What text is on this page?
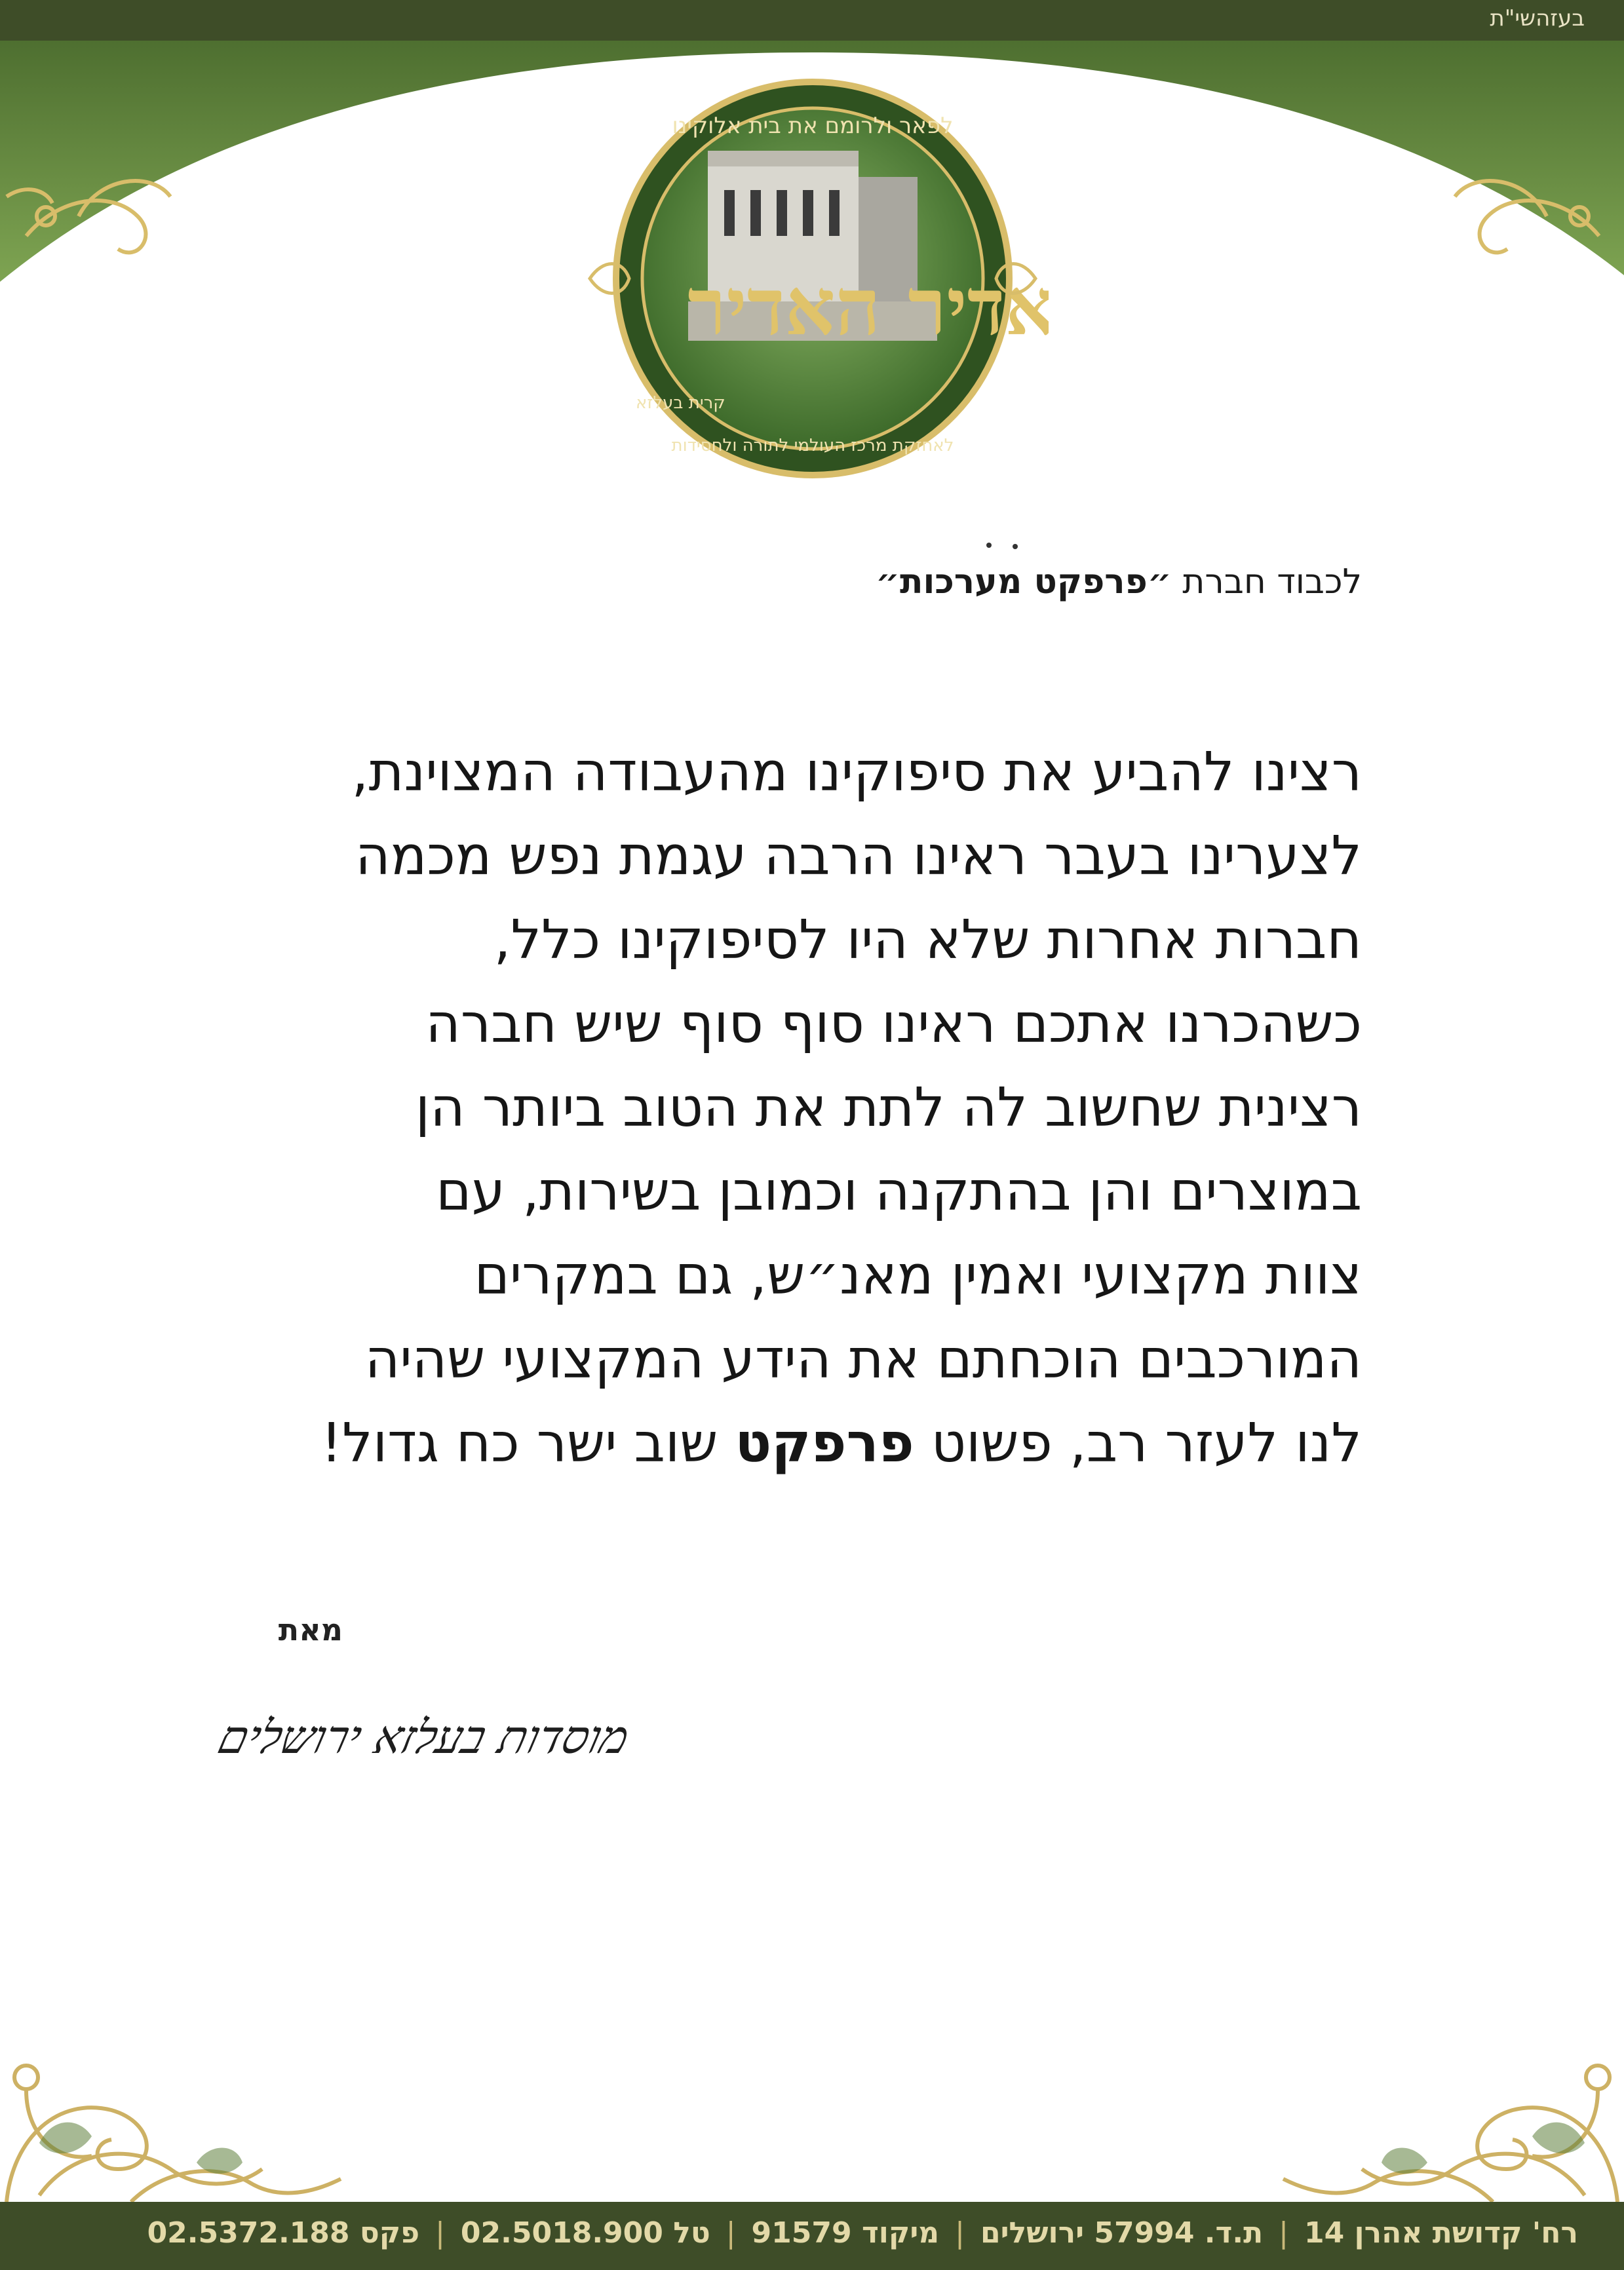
בעזהשי"ת
אדיר האדיר
לפאר ולרומם את בית אלוקינו
לאחזקת מרכז העולמי לתורה ולחסידות
קרית בעלזא
לכבוד חברת ״פרפקט מערכות״
רצינו להביע את סיפוקינו מהעבודה המצוינת,
לצערינו בעבר ראינו הרבה עגמת נפש מכמה
חברות אחרות שלא היו לסיפוקינו כלל,
כשהכרנו אתכם ראינו סוף סוף שיש חברה
רצינית שחשוב לה לתת את הטוב ביותר הן
במוצרים והן בהתקנה וכמובן בשירות, עם
צוות מקצועי ואמין מאנ״ש, גם במקרים
המורכבים הוכחתם את הידע המקצועי שהיה
לנו לעזר רב, פשוט פרפקט שוב ישר כח גדול!
מאת
מוסדות בעלזא ירושלים
רח' קדושת אהרן 14|ת.ד. 57994 ירושלים|מיקוד 91579|טל 02.5018.900|פקס 02.5372.188
